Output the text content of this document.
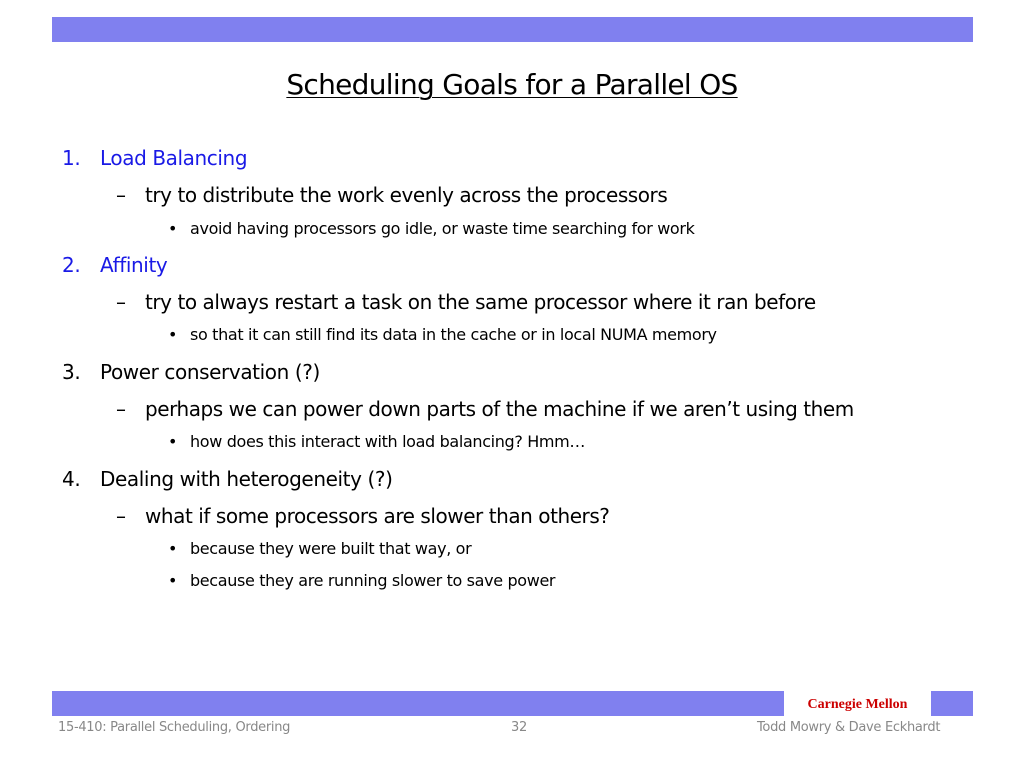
Scheduling Goals for a Parallel OS
1. Load Balancing
– try to distribute the work evenly across the processors
• avoid having processors go idle, or waste time searching for work
2. Affinity
– try to always restart a task on the same processor where it ran before
• so that it can still find its data in the cache or in local NUMA memory
3. Power conservation (?)
– perhaps we can power down parts of the machine if we aren’t using them
• how does this interact with load balancing? Hmm…
4. Dealing with heterogeneity (?)
– what if some processors are slower than others?
• because they were built that way, or
• because they are running slower to save power
Carnegie Mellon
15-410: Parallel Scheduling, Ordering	32	Todd Mowry & Dave Eckhardt
